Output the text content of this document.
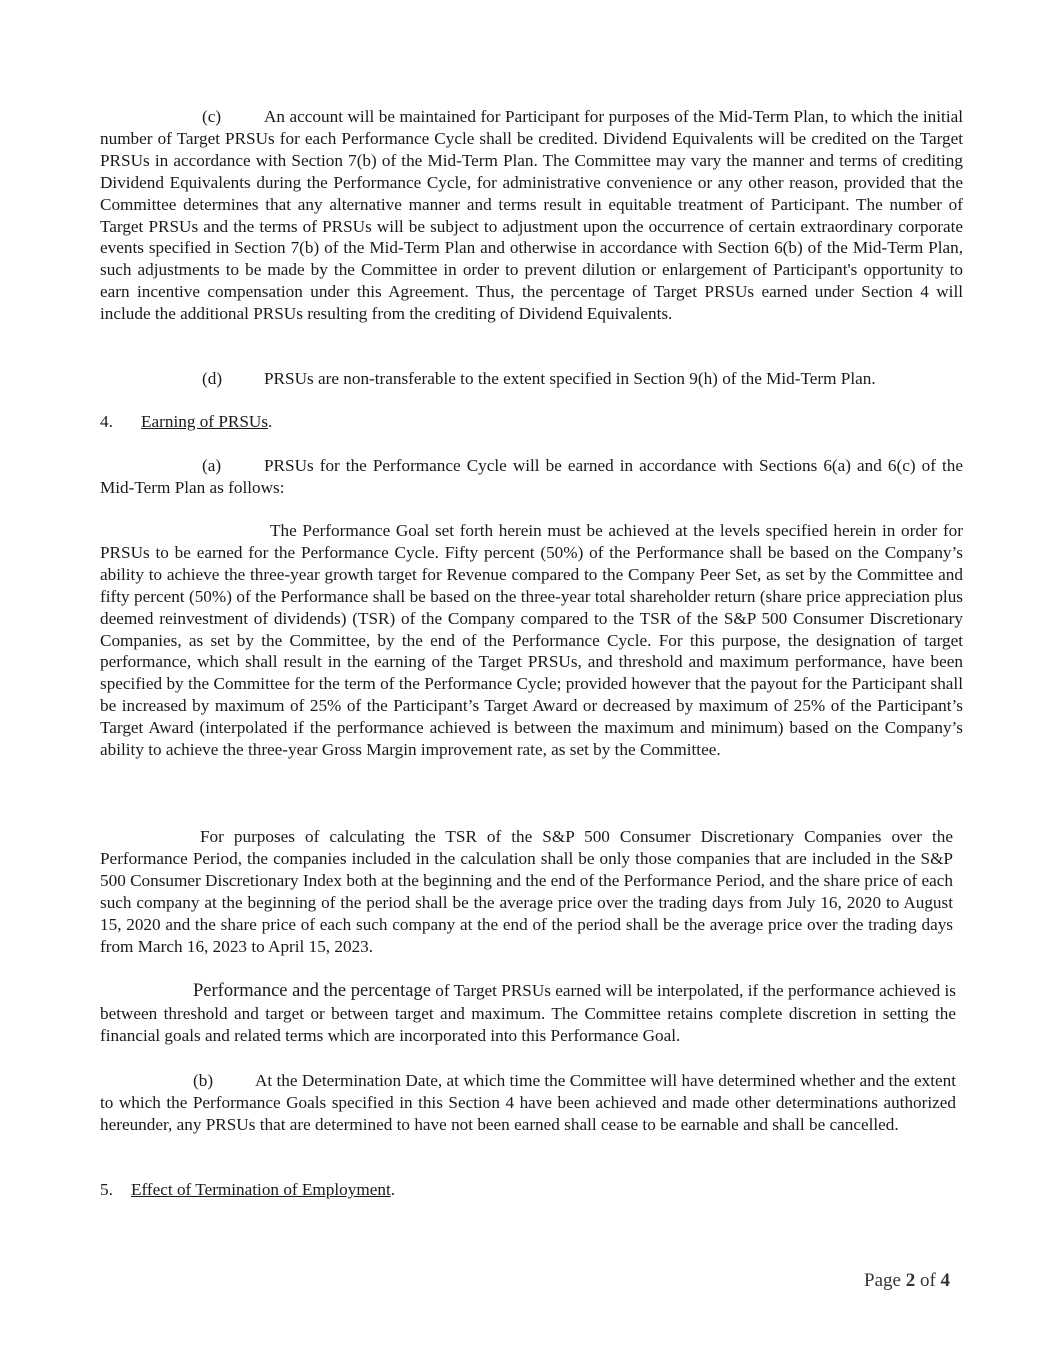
(c) An account will be maintained for Participant for purposes of the Mid-Term Plan, to which the initial number of Target PRSUs for each Performance Cycle shall be credited. Dividend Equivalents will be credited on the Target PRSUs in accordance with Section 7(b) of the Mid-Term Plan. The Committee may vary the manner and terms of crediting Dividend Equivalents during the Performance Cycle, for administrative convenience or any other reason, provided that the Committee determines that any alternative manner and terms result in equitable treatment of Participant. The number of Target PRSUs and the terms of PRSUs will be subject to adjustment upon the occurrence of certain extraordinary corporate events specified in Section 7(b) of the Mid-Term Plan and otherwise in accordance with Section 6(b) of the Mid-Term Plan, such adjustments to be made by the Committee in order to prevent dilution or enlargement of Participant's opportunity to earn incentive compensation under this Agreement. Thus, the percentage of Target PRSUs earned under Section 4 will include the additional PRSUs resulting from the crediting of Dividend Equivalents.

(d) PRSUs are non-transferable to the extent specified in Section 9(h) of the Mid-Term Plan.

4. Earning of PRSUs.

(a) PRSUs for the Performance Cycle will be earned in accordance with Sections 6(a) and 6(c) of the Mid-Term Plan as follows:

The Performance Goal set forth herein must be achieved at the levels specified herein in order for PRSUs to be earned for the Performance Cycle. Fifty percent (50%) of the Performance shall be based on the Company’s ability to achieve the three-year growth target for Revenue compared to the Company Peer Set, as set by the Committee and fifty percent (50%) of the Performance shall be based on the three-year total shareholder return (share price appreciation plus deemed reinvestment of dividends) (TSR) of the Company compared to the TSR of the S&P 500 Consumer Discretionary Companies, as set by the Committee, by the end of the Performance Cycle. For this purpose, the designation of target performance, which shall result in the earning of the Target PRSUs, and threshold and maximum performance, have been specified by the Committee for the term of the Performance Cycle; provided however that the payout for the Participant shall be increased by maximum of 25% of the Participant’s Target Award or decreased by maximum of 25% of the Participant’s Target Award (interpolated if the performance achieved is between the maximum and minimum) based on the Company’s ability to achieve the three-year Gross Margin improvement rate, as set by the Committee.

For purposes of calculating the TSR of the S&P 500 Consumer Discretionary Companies over the Performance Period, the companies included in the calculation shall be only those companies that are included in the S&P 500 Consumer Discretionary Index both at the beginning and the end of the Performance Period, and the share price of each such company at the beginning of the period shall be the average price over the trading days from July 16, 2020 to August 15, 2020 and the share price of each such company at the end of the period shall be the average price over the trading days from March 16, 2023 to April 15, 2023.

Performance and the percentage of Target PRSUs earned will be interpolated, if the performance achieved is between threshold and target or between target and maximum. The Committee retains complete discretion in setting the financial goals and related terms which are incorporated into this Performance Goal.

(b) At the Determination Date, at which time the Committee will have determined whether and the extent to which the Performance Goals specified in this Section 4 have been achieved and made other determinations authorized hereunder, any PRSUs that are determined to have not been earned shall cease to be earnable and shall be cancelled.

5. Effect of Termination of Employment.

Page 2 of 4
